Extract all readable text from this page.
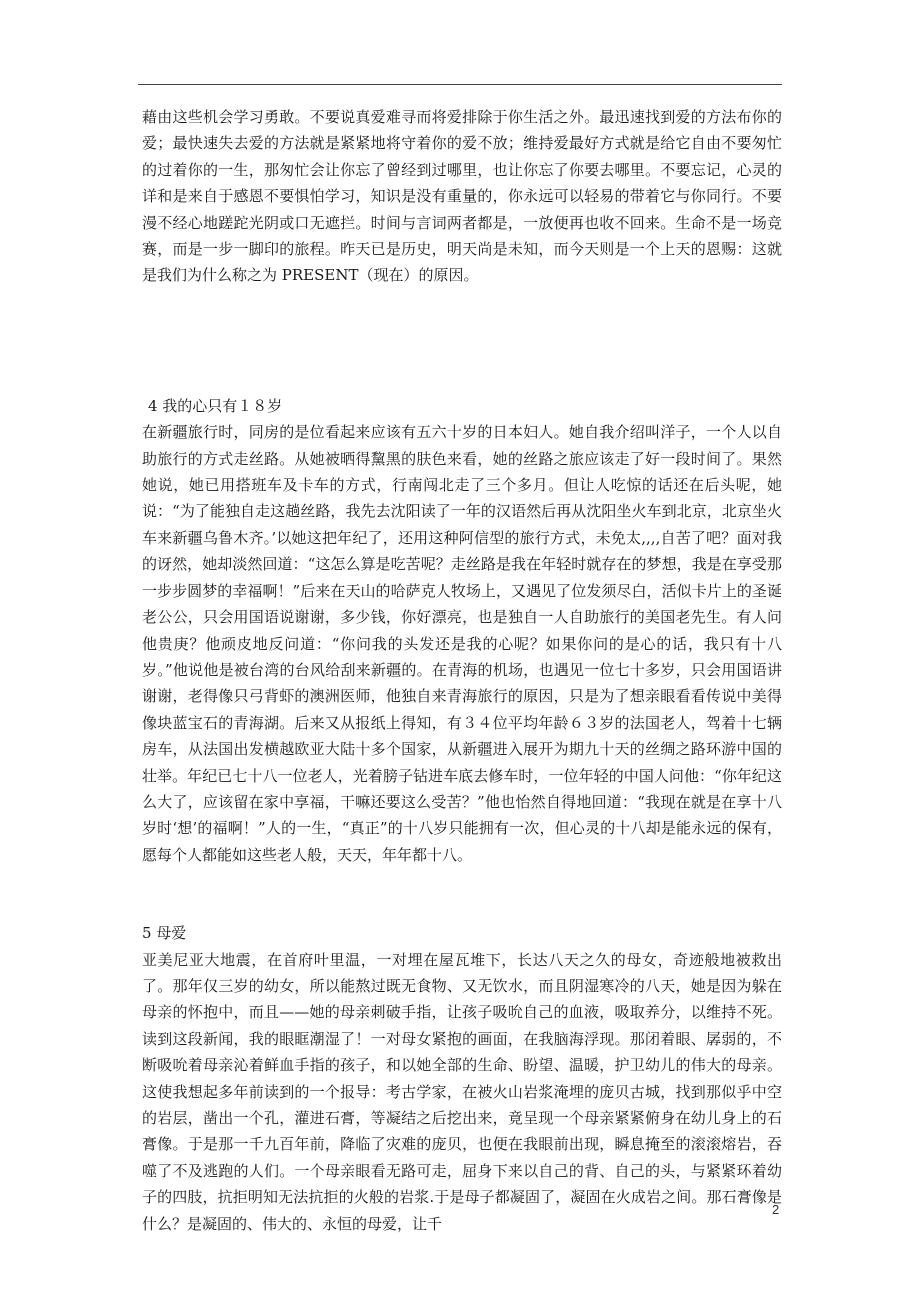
藉由这些机会学习勇敢。不要说真爱难寻而将爱排除于你生活之外。最迅速找到爱的方法布你的爱；最快速失去爱的方法就是紧紧地将守着你的爱不放；维持爱最好方式就是给它自由不要匆忙的过着你的一生，那匆忙会让你忘了曾经到过哪里，也让你忘了你要去哪里。不要忘记，心灵的详和是来自于感恩不要惧怕学习，知识是没有重量的，你永远可以轻易的带着它与你同行。不要漫不经心地蹉跎光阴或口无遮拦。时间与言词两者都是，一放便再也收不回来。生命不是一场竞赛，而是一步一脚印的旅程。昨天已是历史，明天尚是未知，而今天则是一个上天的恩赐：这就是我们为什么称之为 PRESENT（现在）的原因。

4 我的心只有１８岁

在新疆旅行时，同房的是位看起来应该有五六十岁的日本妇人。她自我介绍叫洋子，一个人以自助旅行的方式走丝路。从她被晒得黧黑的肤色来看，她的丝路之旅应该走了好一段时间了。果然她说，她已用搭班车及卡车的方式，行南闯北走了三个多月。但让人吃惊的话还在后头呢，她说：“为了能独自走这趟丝路，我先去沈阳读了一年的汉语然后再从沈阳坐火车到北京，北京坐火车来新疆乌鲁木齐。’以她这把年纪了，还用这种阿信型的旅行方式，未免太,,,,自苦了吧？面对我的讶然，她却淡然回道：“这怎么算是吃苦呢？走丝路是我在年轻时就存在的梦想，我是在享受那一步步圆梦的幸福啊！”后来在天山的哈萨克人牧场上，又遇见了位发须尽白，活似卡片上的圣诞老公公，只会用国语说谢谢，多少钱，你好漂亮，也是独自一人自助旅行的美国老先生。有人问他贵庚？他顽皮地反问道：“你问我的头发还是我的心呢？如果你问的是心的话，我只有十八岁。”他说他是被台湾的台风给刮来新疆的。在青海的机场，也遇见一位七十多岁，只会用国语讲谢谢，老得像只弓背虾的澳洲医师，他独自来青海旅行的原因，只是为了想亲眼看看传说中美得像块蓝宝石的青海湖。后来又从报纸上得知，有３４位平均年龄６３岁的法国老人，驾着十七辆房车，从法国出发横越欧亚大陆十多个国家，从新疆进入展开为期九十天的丝绸之路环游中国的壮举。年纪已七十八一位老人，光着膀子钻进车底去修车时，一位年轻的中国人问他：“你年纪这么大了，应该留在家中享福，干嘛还要这么受苦？”他也怡然自得地回道：“我现在就是在享十八岁时‘想’的福啊！”人的一生，“真正”的十八岁只能拥有一次，但心灵的十八却是能永远的保有，愿每个人都能如这些老人般，天天，年年都十八。

5 母爱

亚美尼亚大地震，在首府叶里温，一对埋在屋瓦堆下，长达八天之久的母女，奇迹般地被救出了。那年仅三岁的幼女，所以能熬过既无食物、又无饮水，而且阴湿寒冷的八天，她是因为躲在母亲的怀抱中，而且——她的母亲刺破手指，让孩子吸吮自己的血液，吸取养分，以维持不死。读到这段新闻，我的眼眶潮湿了！一对母女紧抱的画面，在我脑海浮现。那闭着眼、孱弱的，不断吸吮着母亲沁着鲜血手指的孩子，和以她全部的生命、盼望、温暖，护卫幼儿的伟大的母亲。这使我想起多年前读到的一个报导：考古学家，在被火山岩浆淹埋的庞贝古城，找到那似乎中空的岩层，凿出一个孔，灌进石膏，等凝结之后挖出来，竟呈现一个母亲紧紧俯身在幼儿身上的石膏像。于是那一千九百年前，降临了灾难的庞贝，也便在我眼前出现，瞬息掩至的滚滚熔岩，吞噬了不及逃跑的人们。一个母亲眼看无路可走，屈身下来以自己的背、自己的头，与紧紧环着幼子的四肢，抗拒明知无法抗拒的火般的岩浆.于是母子都凝固了，凝固在火成岩之间。那石膏像是什么？是凝固的、伟大的、永恒的母爱，让千

2
